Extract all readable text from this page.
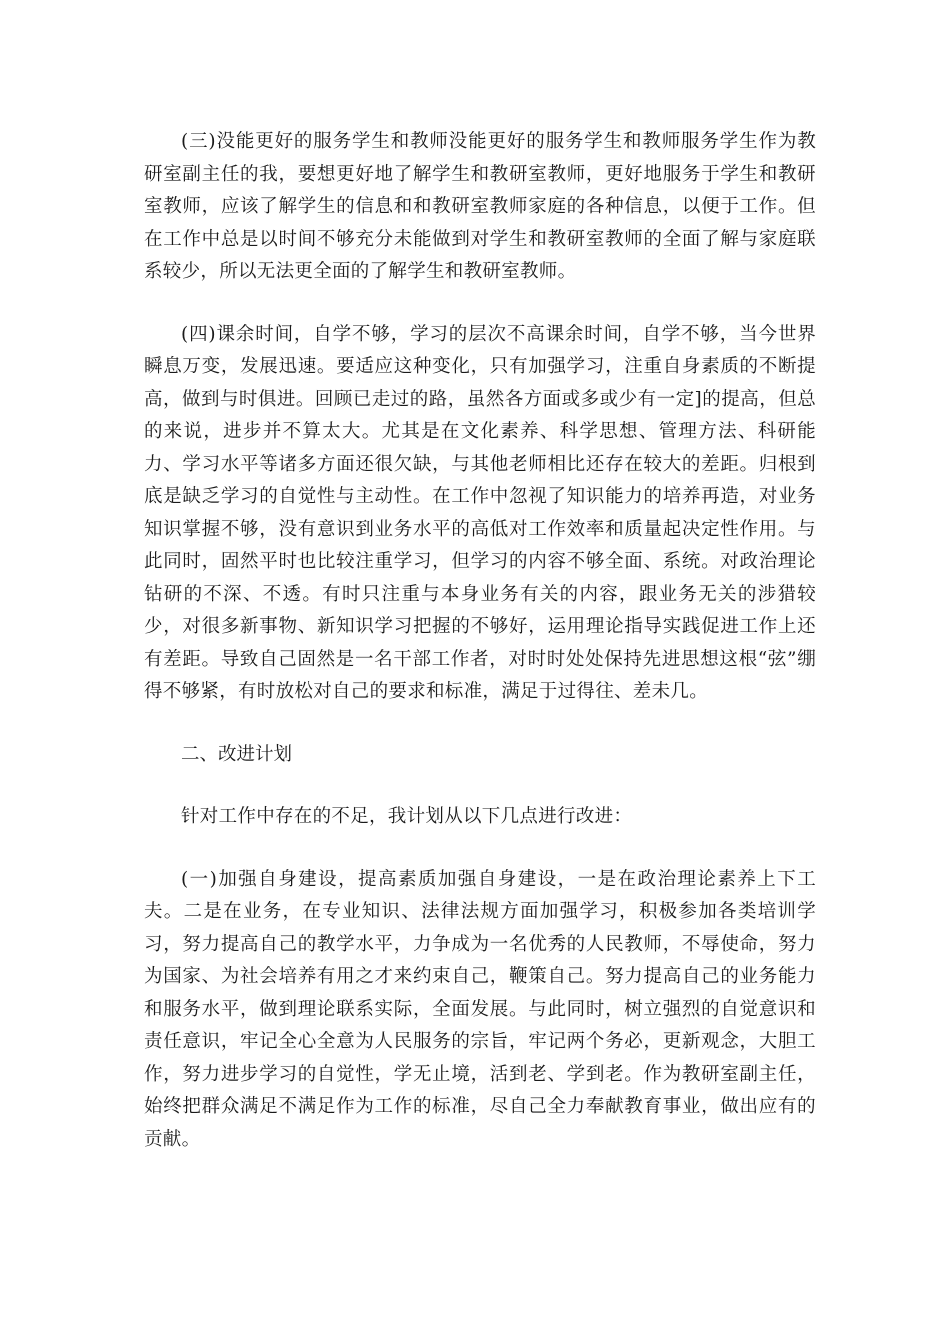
(三)没能更好的服务学生和教师没能更好的服务学生和教师服务学生作为教研室副主任的我，要想更好地了解学生和教研室教师，更好地服务于学生和教研室教师，应该了解学生的信息和和教研室教师家庭的各种信息，以便于工作。但在工作中总是以时间不够充分未能做到对学生和教研室教师的全面了解与家庭联系较少，所以无法更全面的了解学生和教研室教师。

(四)课余时间，自学不够，学习的层次不高课余时间，自学不够，当今世界瞬息万变，发展迅速。要适应这种变化，只有加强学习，注重自身素质的不断提高，做到与时俱进。回顾已走过的路，虽然各方面或多或少有一定]的提高，但总的来说，进步并不算太大。尤其是在文化素养、科学思想、管理方法、科研能力、学习水平等诸多方面还很欠缺，与其他老师相比还存在较大的差距。归根到底是缺乏学习的自觉性与主动性。在工作中忽视了知识能力的培养再造，对业务知识掌握不够，没有意识到业务水平的高低对工作效率和质量起决定性作用。与此同时，固然平时也比较注重学习，但学习的内容不够全面、系统。对政治理论钻研的不深、不透。有时只注重与本身业务有关的内容，跟业务无关的涉猎较少，对很多新事物、新知识学习把握的不够好，运用理论指导实践促进工作上还有差距。导致自己固然是一名干部工作者，对时时处处保持先进思想这根“弦”绷得不够紧，有时放松对自己的要求和标准，满足于过得往、差未几。

二、改进计划

针对工作中存在的不足，我计划从以下几点进行改进：

(一)加强自身建设，提高素质加强自身建设，一是在政治理论素养上下工夫。二是在业务，在专业知识、法律法规方面加强学习，积极参加各类培训学习，努力提高自己的教学水平，力争成为一名优秀的人民教师，不辱使命，努力为国家、为社会培养有用之才来约束自己，鞭策自己。努力提高自己的业务能力和服务水平，做到理论联系实际，全面发展。与此同时，树立强烈的自觉意识和责任意识，牢记全心全意为人民服务的宗旨，牢记两个务必，更新观念，大胆工作，努力进步学习的自觉性，学无止境，活到老、学到老。作为教研室副主任，始终把群众满足不满足作为工作的标准，尽自己全力奉献教育事业，做出应有的贡献。
